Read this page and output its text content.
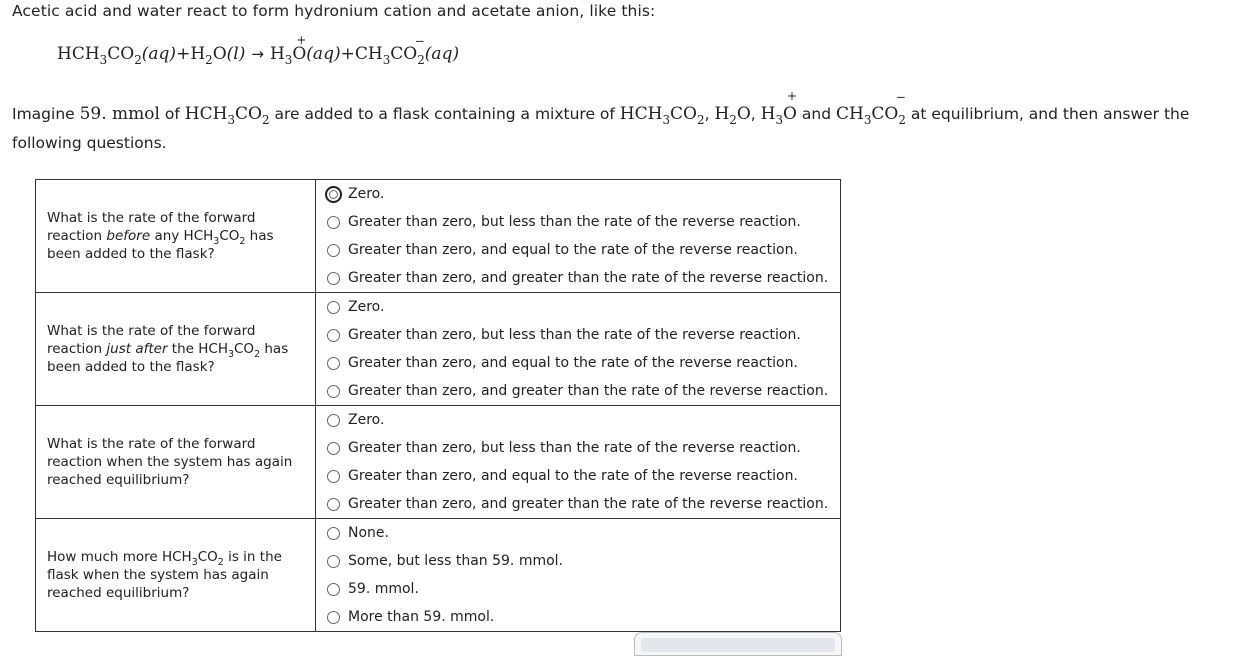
Acetic acid and water react to form hydronium cation and acetate anion, like this:
$HCH_3CO_2(aq)+H_2O(l) \to H_3O$
+
$(aq)+CH_3CO_2$
−
(aq)
Imagine 59. mmol of $HCH_3CO_2$ are added to a flask containing a mixture of $HCH_3CO_2$, $H_2O$, $H_3O$
+
and $CH_3CO_2$
−
at equilibrium, and then answer the following questions.
What is the rate of the forward reaction before any $HCH_3CO_2$ has been added to the flask?	Zero.
Greater than zero, but less than the rate of the reverse reaction.
Greater than zero, and equal to the rate of the reverse reaction.
Greater than zero, and greater than the rate of the reverse reaction.

What is the rate of the forward reaction just after the $HCH_3CO_2$ has been added to the flask?	Zero.
Greater than zero, but less than the rate of the reverse reaction.
Greater than zero, and equal to the rate of the reverse reaction.
Greater than zero, and greater than the rate of the reverse reaction.

What is the rate of the forward reaction when the system has again reached equilibrium?	Zero.
Greater than zero, but less than the rate of the reverse reaction.
Greater than zero, and equal to the rate of the reverse reaction.
Greater than zero, and greater than the rate of the reverse reaction.

How much more $HCH_3CO_2$ is in the flask when the system has again reached equilibrium?	None.
Some, but less than 59. mmol.
59. mmol.
More than 59. mmol.
